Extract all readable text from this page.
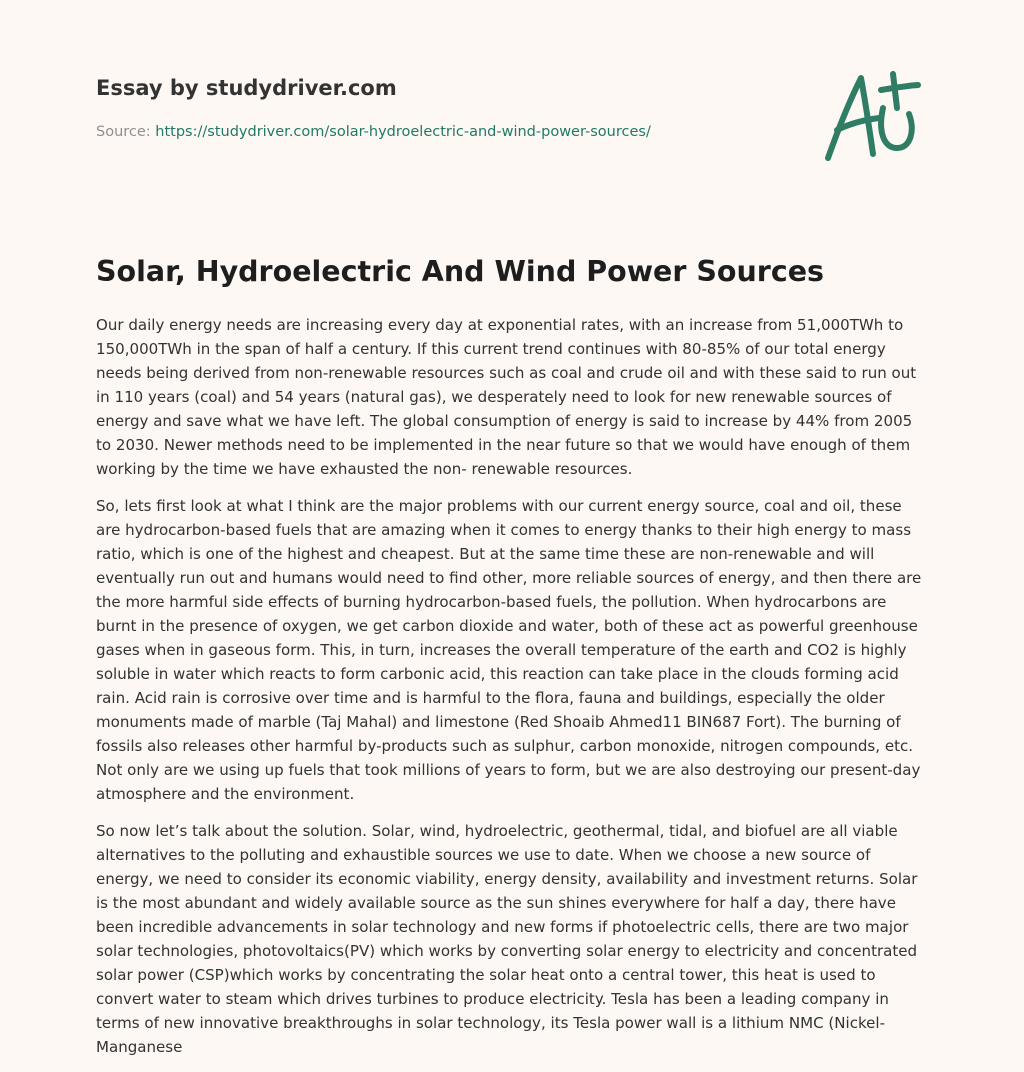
Essay by studydriver.com
Source: https://studydriver.com/solar-hydroelectric-and-wind-power-sources/
Solar, Hydroelectric And Wind Power Sources

Our daily energy needs are increasing every day at exponential rates, with an increase from 51,000TWh to 150,000TWh in the span of half a century. If this current trend continues with 80-85% of our total energy needs being derived from non-renewable resources such as coal and crude oil and with these said to run out in 110 years (coal) and 54 years (natural gas), we desperately need to look for new renewable sources of energy and save what we have left. The global consumption of energy is said to increase by 44% from 2005 to 2030. Newer methods need to be implemented in the near future so that we would have enough of them working by the time we have exhausted the non- renewable resources.

So, lets first look at what I think are the major problems with our current energy source, coal and oil, these are hydrocarbon-based fuels that are amazing when it comes to energy thanks to their high energy to mass ratio, which is one of the highest and cheapest. But at the same time these are non-renewable and will eventually run out and humans would need to find other, more reliable sources of energy, and then there are the more harmful side effects of burning hydrocarbon-based fuels, the pollution. When hydrocarbons are burnt in the presence of oxygen, we get carbon dioxide and water, both of these act as powerful greenhouse gases when in gaseous form. This, in turn, increases the overall temperature of the earth and CO2 is highly soluble in water which reacts to form carbonic acid, this reaction can take place in the clouds forming acid rain. Acid rain is corrosive over time and is harmful to the flora, fauna and buildings, especially the older monuments made of marble (Taj Mahal) and limestone (Red Shoaib Ahmed11 BIN687 Fort). The burning of fossils also releases other harmful by-products such as sulphur, carbon monoxide, nitrogen compounds, etc. Not only are we using up fuels that took millions of years to form, but we are also destroying our present-day atmosphere and the environment.

So now let’s talk about the solution. Solar, wind, hydroelectric, geothermal, tidal, and biofuel are all viable alternatives to the polluting and exhaustible sources we use to date. When we choose a new source of energy, we need to consider its economic viability, energy density, availability and investment returns. Solar is the most abundant and widely available source as the sun shines everywhere for half a day, there have been incredible advancements in solar technology and new forms if photoelectric cells, there are two major solar technologies, photovoltaics(PV) which works by converting solar energy to electricity and concentrated solar power (CSP)which works by concentrating the solar heat onto a central tower, this heat is used to convert water to steam which drives turbines to produce electricity. Tesla has been a leading company in terms of new innovative breakthroughs in solar technology, its Tesla power wall is a lithium NMC (Nickel- Manganese
